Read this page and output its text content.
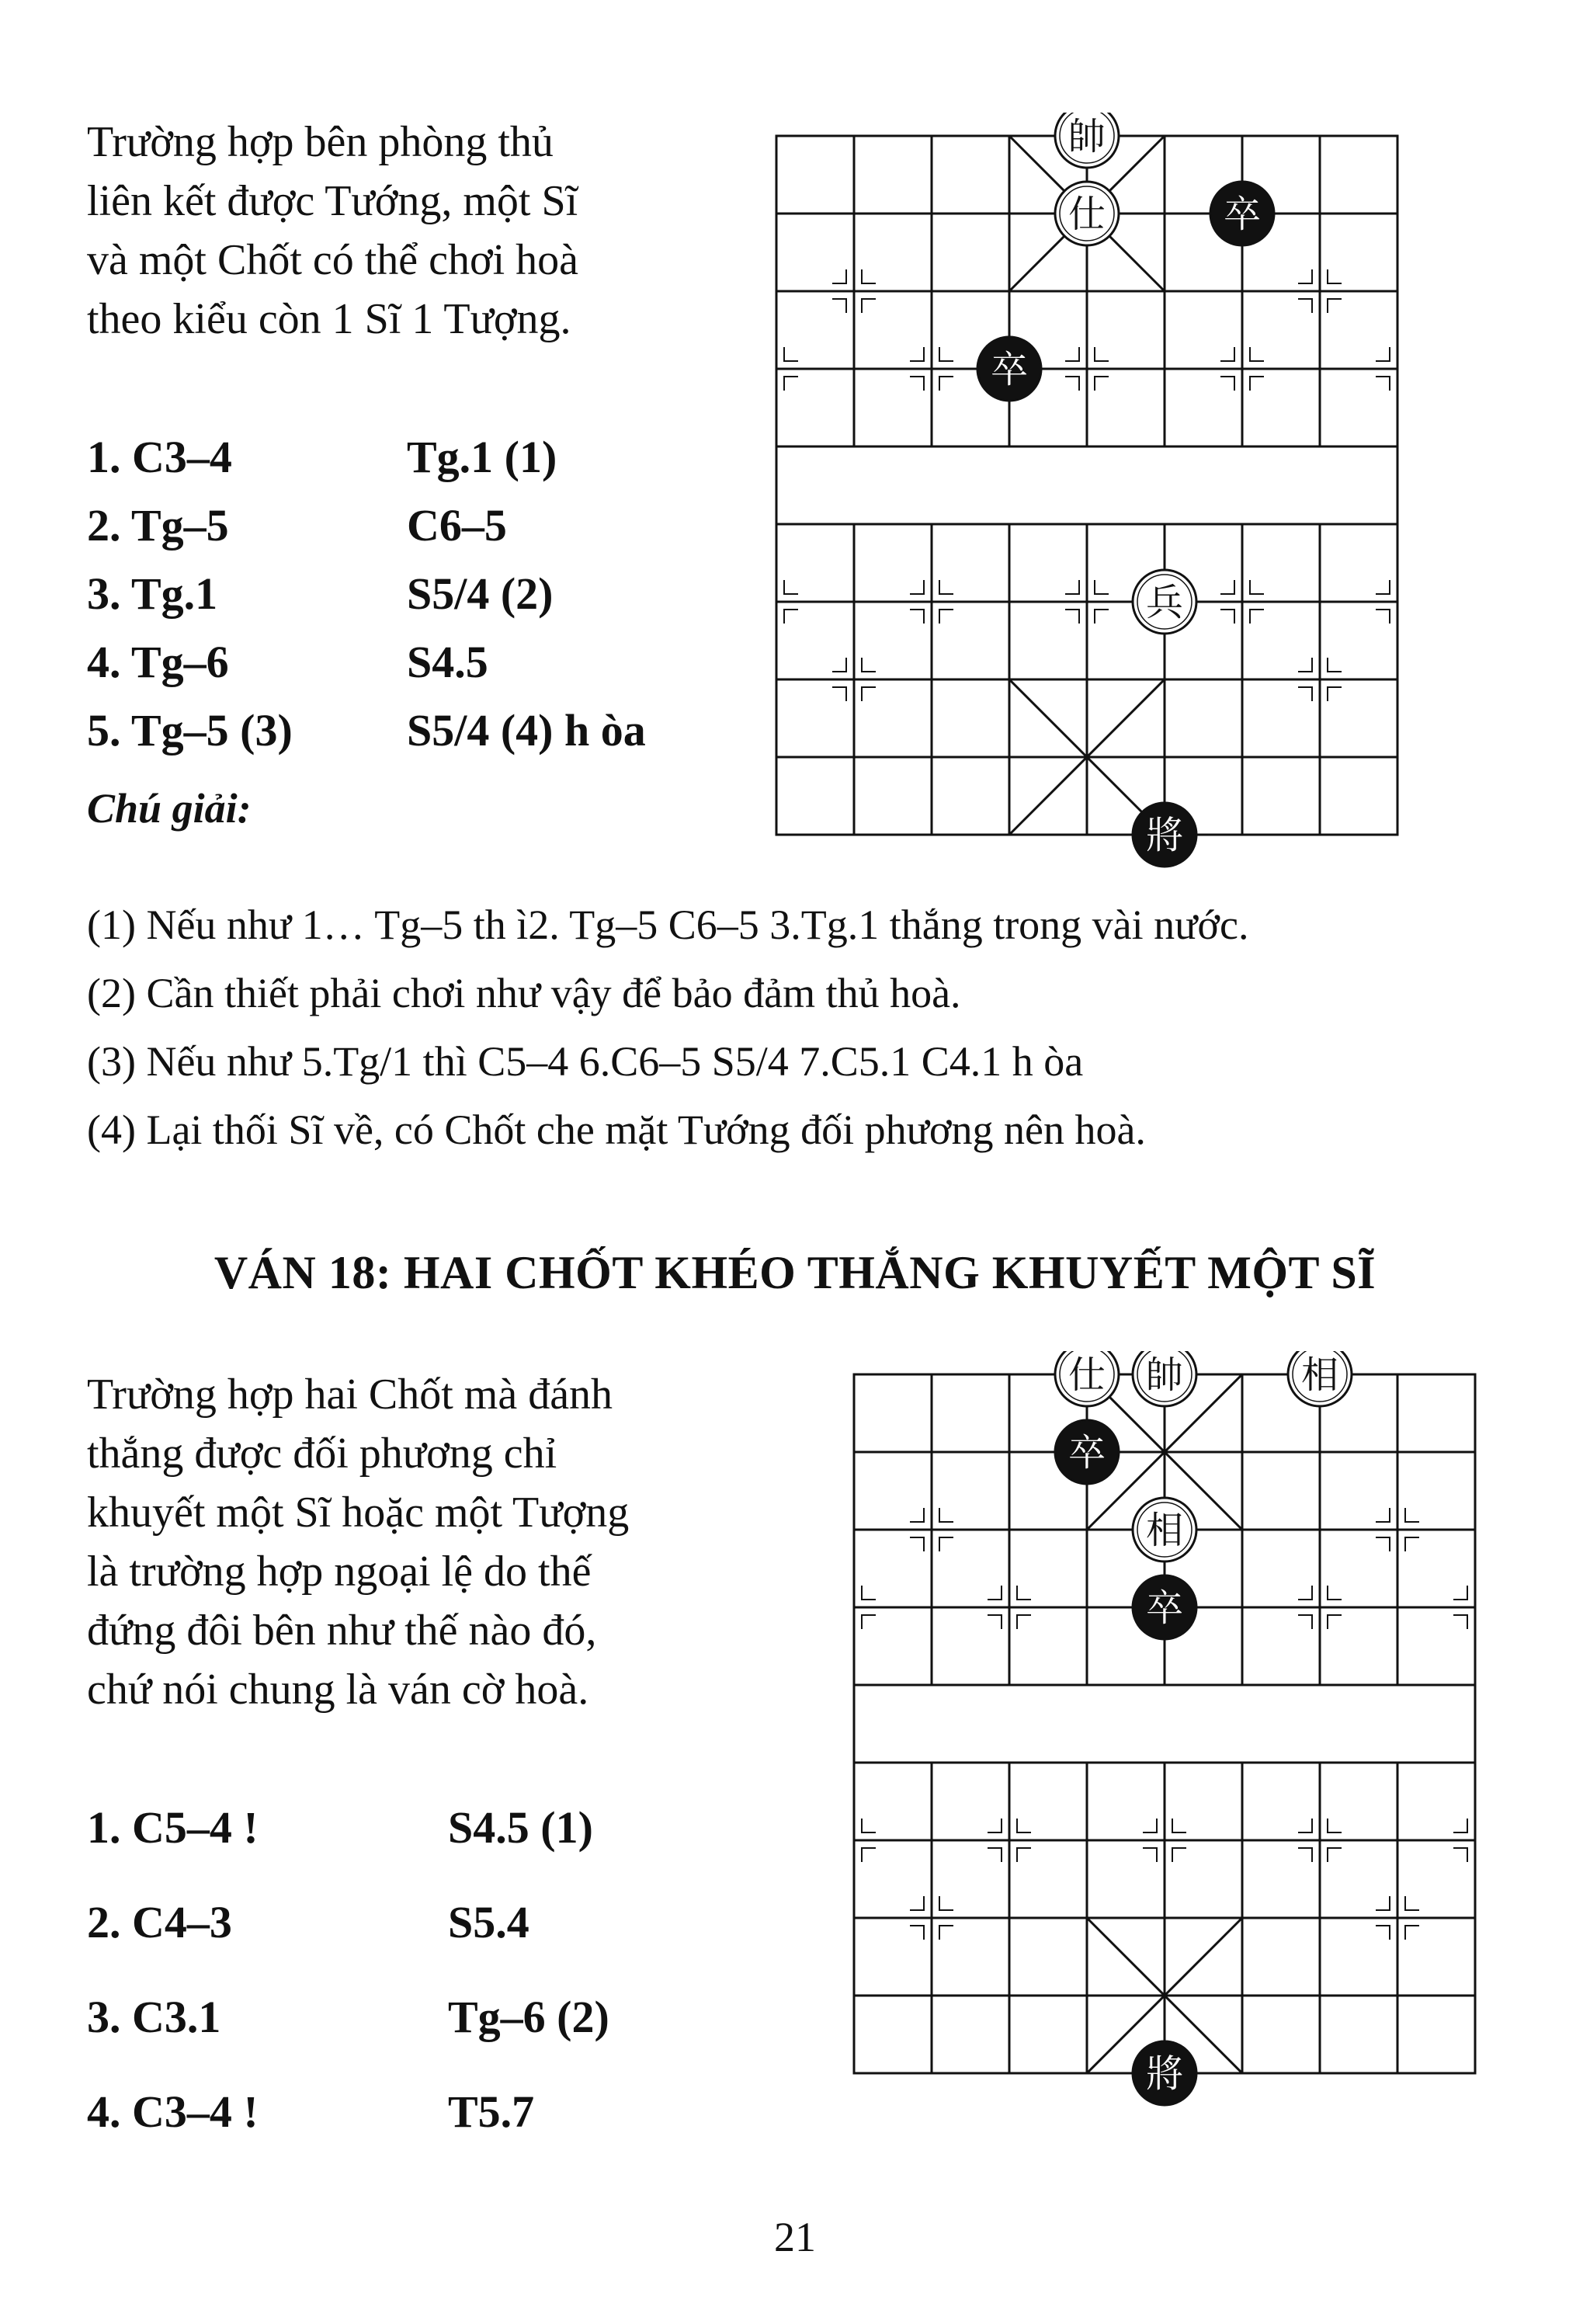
Trường hợp bên phòng thủ
liên kết được Tướng, một Sĩ
và một Chốt có thể chơi hoà
theo kiểu còn 1 Sĩ 1 Tượng.
帥
仕	卒
卒
兵
將
1. C3–4	Tg.1 (1)
2. Tg–5	C6–5
3. Tg.1	S5/4 (2)
4. Tg–6	S4.5
5. Tg–5 (3)	S5/4 (4) h òa
Chú giải:
(1) Nếu như 1… Tg–5 th ì2. Tg–5 C6–5 3.Tg.1 thắng trong vài nước.
(2) Cần thiết phải chơi như vậy để bảo đảm thủ hoà.
(3) Nếu như 5.Tg/1 thì C5–4 6.C6–5 S5/4 7.C5.1 C4.1 h òa
(4) Lại thối Sĩ về, có Chốt che mặt Tướng đối phương nên hoà.
VÁN 18: HAI CHỐT KHÉO THẮNG KHUYẾT MỘT SĨ
Trường hợp hai Chốt mà đánh
thắng được đối phương chỉ
khuyết một Sĩ hoặc một Tượng
là trường hợp ngoại lệ do thế
đứng đôi bên như thế nào đó,
chứ nói chung là ván cờ hoà.
仕 帥	相
卒
相
卒
將
1. C5–4 !	S4.5 (1)
2. C4–3	S5.4
3. C3.1	Tg–6 (2)
4. C3–4 !	T5.7
21
